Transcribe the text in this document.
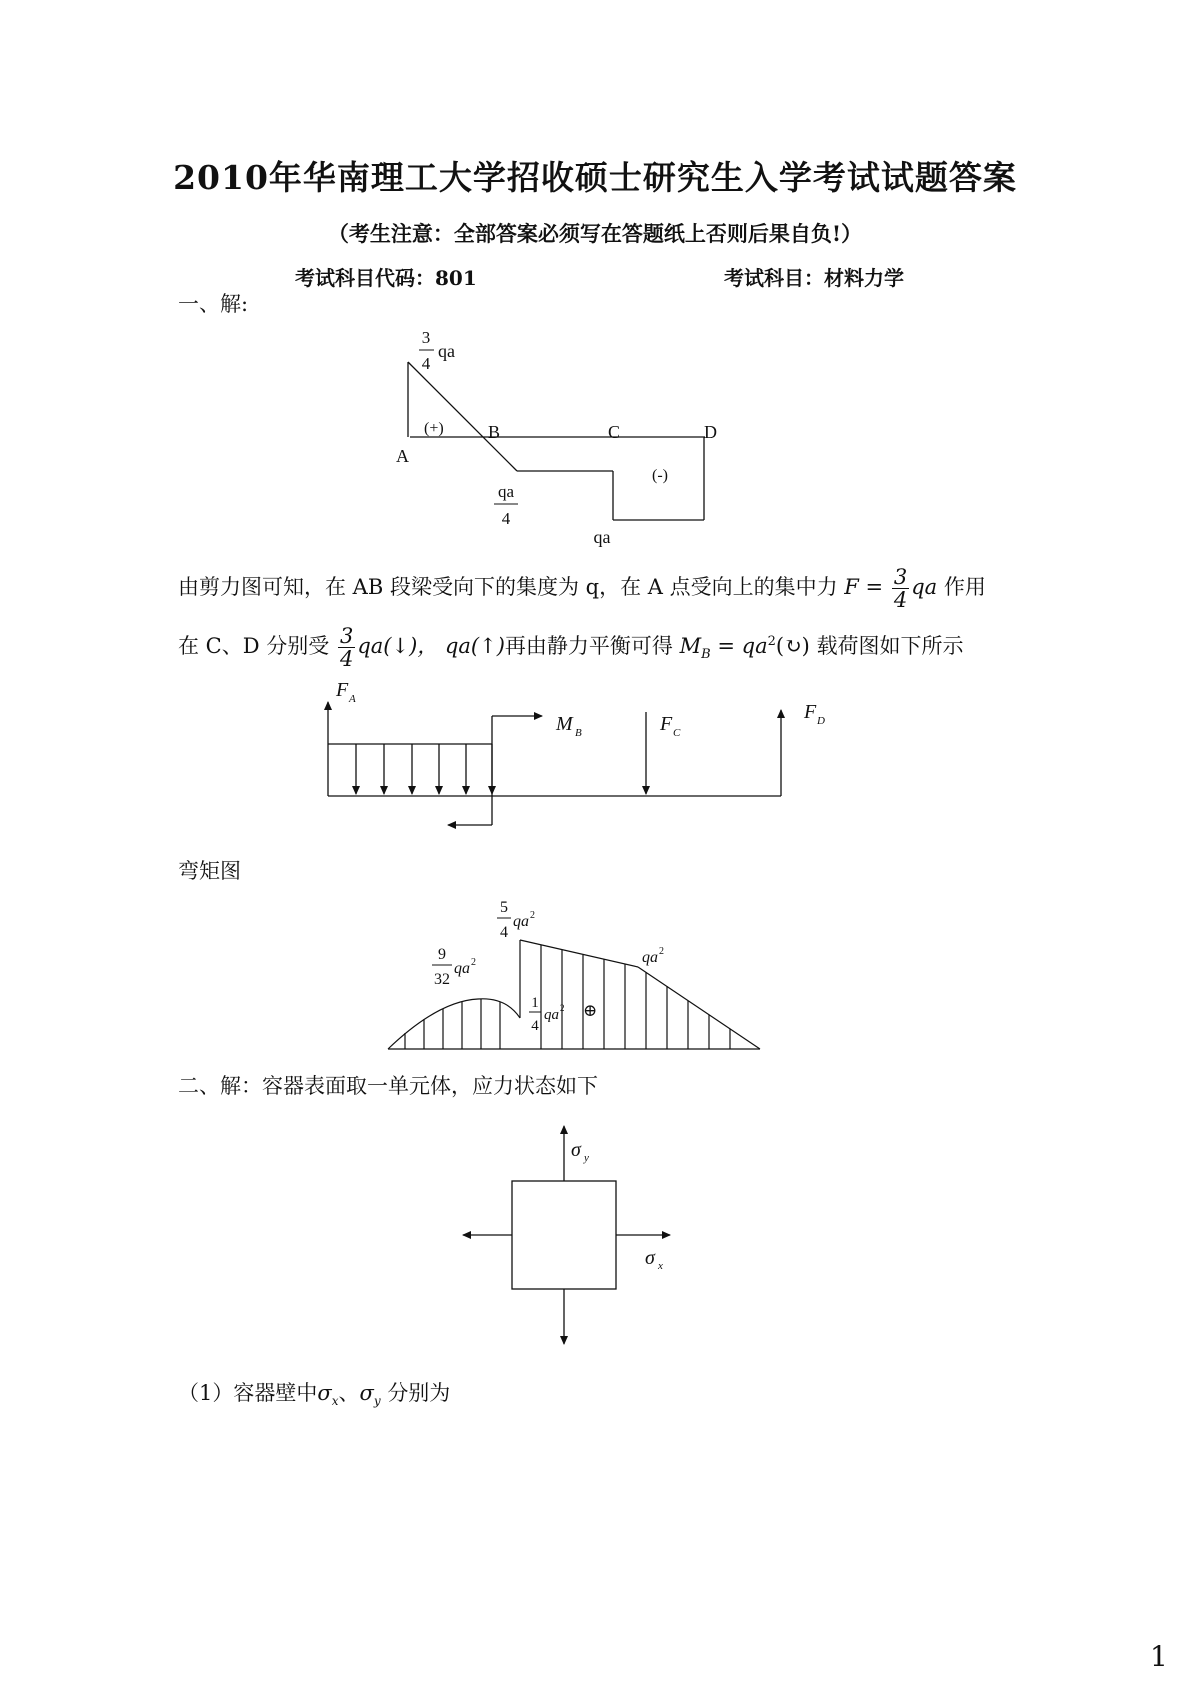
2010年华南理工大学招收硕士研究生入学考试试题答案
（考生注意：全部答案必须写在答题纸上否则后果自负!）
考试科目代码：801	考试科目：材料力学
一、解:
3
4
qa
A
B	C	D
(+)
(-)
qa
4
qa
由剪力图可知，在 AB 段梁受向下的集度为 q，在 A 点受向上的集中力 $F = \frac{3}{4}$ qa 作用
在 C、D 分别受 $\frac{3}{4}$ qa(↓)， qa(↑)再由静力平衡可得 $M_B$ = $qa^2(↻)$ 载荷图如下所示
F A
M B	F C
F D
弯矩图
9
32
qa 2
5
4
qa 2
qa 2
1
4
qa 2 ⊕
二、解：容器表面取一单元体，应力状态如下
σ y
σ x
（1）容器壁中$\sigma_x$、$\sigma_y$ 分别为
1
